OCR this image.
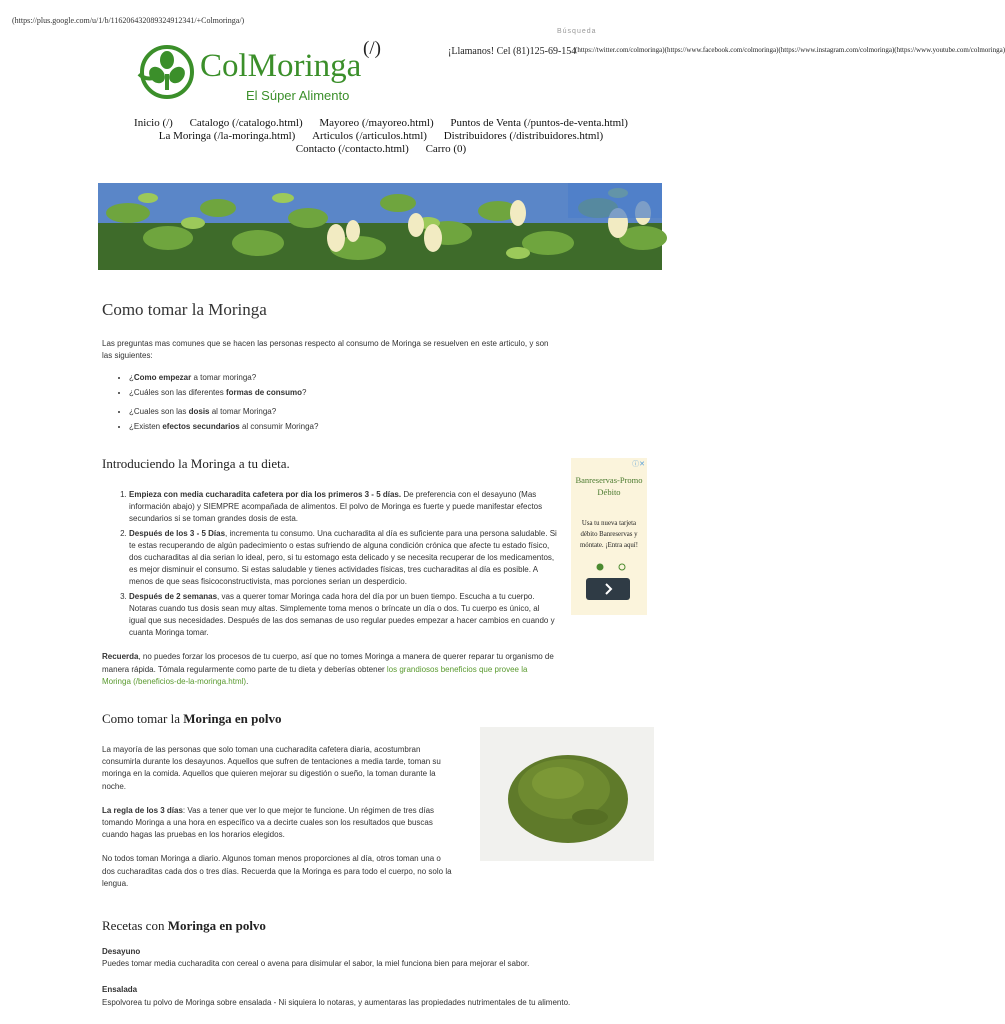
(https://plus.google.com/u/1/b/116206432089324912341/+Colmoringa/)
Búsqueda
(/)	¡Llamanos! Cel (81)125-69-154
(https://twitter.com/colmoringa)(https://www.facebook.com/colmoringa)(https://www.instagram.com/colmoringa)(https://www.youtube.com/colmoringa)
ColMoringa
El Súper Alimento
Inicio (/) Catalogo (/catalogo.html) Mayoreo (/mayoreo.html) Puntos de Venta (/puntos-de-venta.html)
La Moringa (/la-moringa.html) Articulos (/articulos.html) Distribuidores (/distribuidores.html)
Contacto (/contacto.html) Carro (0)
Como tomar la Moringa

Las preguntas mas comunes que se hacen las personas respecto al consumo de Moringa se resuelven en este articulo, y son las siguientes:

• ¿Como empezar a tomar moringa?
• ¿Cuáles son las diferentes formas de consumo?
• ¿Cuales son las dosis al tomar Moringa?
• ¿Existen efectos secundarios al consumir Moringa?
Introduciendo la Moringa a tu dieta.
1. Empieza con media cucharadita cafetera por dia los primeros 3 - 5 días. De preferencia con el desayuno (Mas información abajo) y SIEMPRE acompañada de alimentos. El polvo de Moringa es fuerte y puede manifestar efectos secundarios si se toman grandes dosis de esta.
2. Después de los 3 - 5 Días, incrementa tu consumo. Una cucharadita al día es suficiente para una persona saludable. Si te estas recuperando de algún padecimiento o estas sufriendo de alguna condición crónica que afecte tu estado físico, dos cucharaditas al dia serian lo ideal, pero, si tu estomago esta delicado y se necesita recuperar de los medicamentos, es mejor disminuir el consumo. Si estas saludable y tienes actividades físicas, tres cucharaditas al día es posible. A menos de que seas fisicoconstructivista, mas porciones serian un desperdicio.
3. Después de 2 semanas, vas a querer tomar Moringa cada hora del día por un buen tiempo. Escucha a tu cuerpo. Notaras cuando tus dosis sean muy altas. Simplemente toma menos o bríncate un día o dos. Tu cuerpo es único, al igual que sus necesidades. Después de las dos semanas de uso regular puedes empezar a hacer cambios en cuando y cuanta Moringa tomar.

Recuerda, no puedes forzar los procesos de tu cuerpo, así que no tomes Moringa a manera de querer reparar tu organismo de manera rápida. Tómala regularmente como parte de tu dieta y deberías obtener los grandiosos beneficios que provee la Moringa (/beneficios-de-la-moringa.html).

Como tomar la Moringa en polvo

La mayoría de las personas que solo toman una cucharadita cafetera diaria, acostumbran consumirla durante los desayunos. Aquellos que sufren de tentaciones a media tarde, toman su moringa en la comida. Aquellos que quieren mejorar su digestión o sueño, la toman durante la noche.

La regla de los 3 días: Vas a tener que ver lo que mejor te funcione. Un régimen de tres días tomando Moringa a una hora en específico va a decirte cuales son los resultados que buscas cuando hagas las pruebas en los horarios elegidos.

No todos toman Moringa a diario. Algunos toman menos proporciones al día, otros toman una o dos cucharaditas cada dos o tres días. Recuerda que la Moringa es para todo el cuerpo, no solo la lengua.

Recetas con Moringa en polvo

Desayuno

Puedes tomar media cucharadita con cereal o avena para disimular el sabor, la miel funciona bien para mejorar el sabor.

Ensalada

Espolvorea tu polvo de Moringa sobre ensalada - Ni siquiera lo notaras, y aumentaras las propiedades nutrimentales de tu alimento.

ⓘ✕
Banreservas-Promo Débito
Usa tu nueva tarjeta débito Banreservas y móntate. ¡Entra aquí!
